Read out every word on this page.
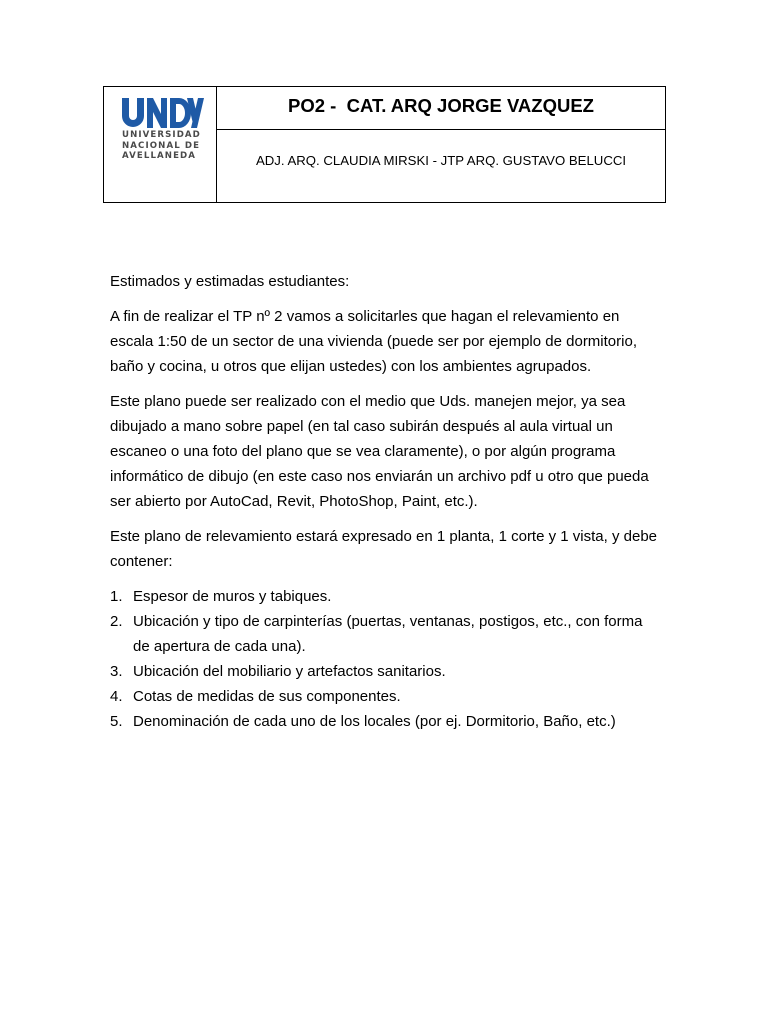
UNIVERSIDAD
NACIONAL DE
AVELLANEDA
PO2 -  CAT. ARQ JORGE VAZQUEZ
ADJ. ARQ. CLAUDIA MIRSKI - JTP ARQ. GUSTAVO BELUCCI

Estimados y estimadas estudiantes:

A fin de realizar el TP nº 2 vamos a solicitarles que hagan el relevamiento en escala 1:50 de un sector de una vivienda (puede ser por ejemplo de dormitorio, baño y cocina, u otros que elijan ustedes) con los ambientes agrupados.

Este plano puede ser realizado con el medio que Uds. manejen mejor, ya sea dibujado a mano sobre papel (en tal caso subirán después al aula virtual un escaneo o una foto del plano que se vea claramente), o por algún programa informático de dibujo (en este caso nos enviarán un archivo pdf u otro que pueda ser abierto por AutoCad, Revit, PhotoShop, Paint, etc.).

Este plano de relevamiento estará expresado en 1 planta, 1 corte y 1 vista, y debe contener:

1. Espesor de muros y tabiques.
2. Ubicación y tipo de carpinterías (puertas, ventanas, postigos, etc., con forma de apertura de cada una).
3. Ubicación del mobiliario y artefactos sanitarios.
4. Cotas de medidas de sus componentes.
5. Denominación de cada uno de los locales (por ej. Dormitorio, Baño, etc.)
